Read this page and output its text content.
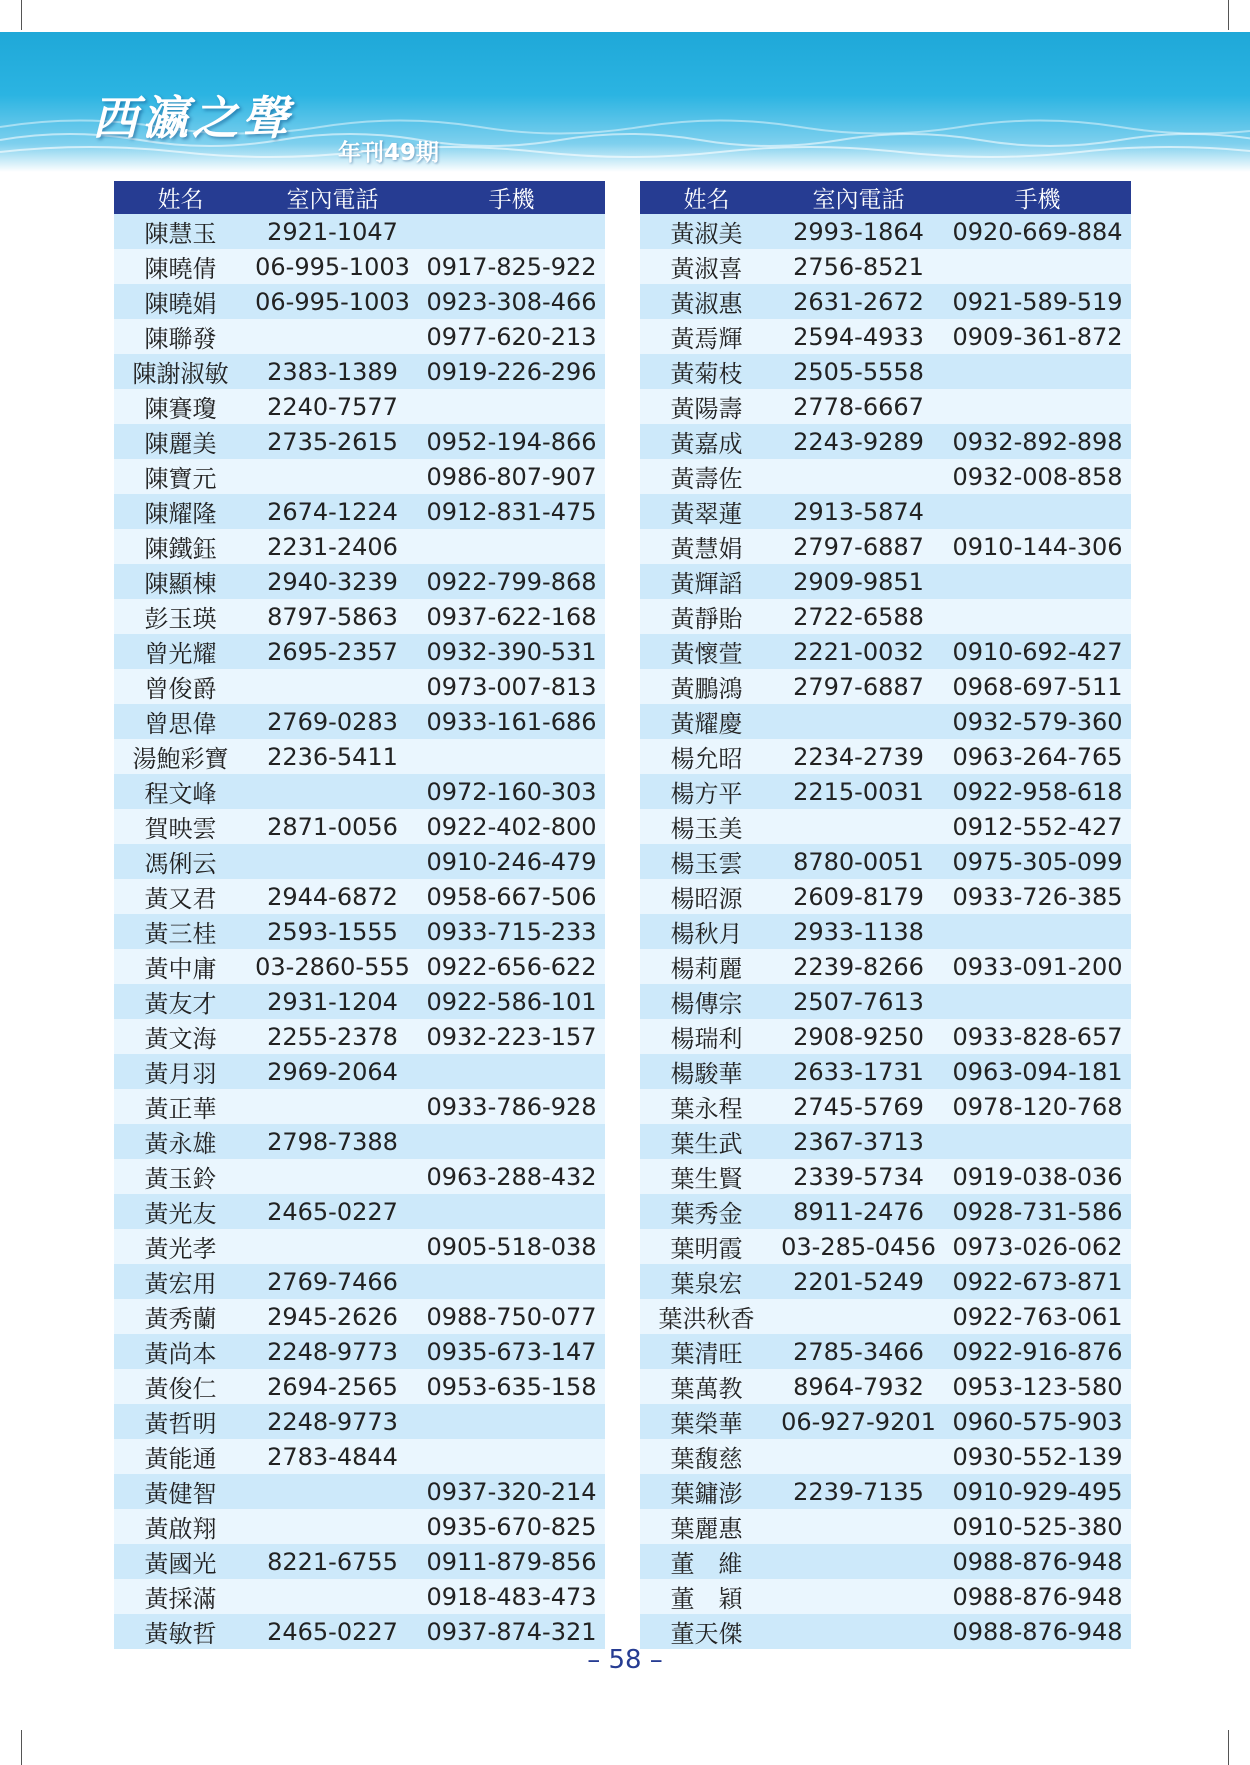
西瀛之聲
年刊49期
姓名	室內電話	手機
陳慧玉	2921-1047	
陳曉倩	06-995-1003	0917-825-922
陳曉娟	06-995-1003	0923-308-466
陳聯發		0977-620-213
陳謝淑敏	2383-1389	0919-226-296
陳賽瓊	2240-7577	
陳麗美	2735-2615	0952-194-866
陳寶元		0986-807-907
陳耀隆	2674-1224	0912-831-475
陳鐵鈺	2231-2406	
陳顯棟	2940-3239	0922-799-868
彭玉瑛	8797-5863	0937-622-168
曾光耀	2695-2357	0932-390-531
曾俊爵		0973-007-813
曾思偉	2769-0283	0933-161-686
湯鮑彩寶	2236-5411	
程文峰		0972-160-303
賀映雲	2871-0056	0922-402-800
馮俐云		0910-246-479
黃又君	2944-6872	0958-667-506
黃三桂	2593-1555	0933-715-233
黃中庸	03-2860-555	0922-656-622
黃友才	2931-1204	0922-586-101
黃文海	2255-2378	0932-223-157
黃月羽	2969-2064	
黃正華		0933-786-928
黃永雄	2798-7388	
黃玉鈴		0963-288-432
黃光友	2465-0227	
黃光孝		0905-518-038
黃宏用	2769-7466	
黃秀蘭	2945-2626	0988-750-077
黃尚本	2248-9773	0935-673-147
黃俊仁	2694-2565	0953-635-158
黃哲明	2248-9773	
黃能通	2783-4844	
黃健智		0937-320-214
黃啟翔		0935-670-825
黃國光	8221-6755	0911-879-856
黃採滿		0918-483-473
黃敏哲	2465-0227	0937-874-321
姓名	室內電話	手機
黃淑美	2993-1864	0920-669-884
黃淑喜	2756-8521	
黃淑惠	2631-2672	0921-589-519
黃焉輝	2594-4933	0909-361-872
黃菊枝	2505-5558	
黃陽壽	2778-6667	
黃嘉成	2243-9289	0932-892-898
黃壽佐		0932-008-858
黃翠蓮	2913-5874	
黃慧娟	2797-6887	0910-144-306
黃輝謟	2909-9851	
黃靜貽	2722-6588	
黃懷萱	2221-0032	0910-692-427
黃鵬鴻	2797-6887	0968-697-511
黃耀慶		0932-579-360
楊允昭	2234-2739	0963-264-765
楊方平	2215-0031	0922-958-618
楊玉美		0912-552-427
楊玉雲	8780-0051	0975-305-099
楊昭源	2609-8179	0933-726-385
楊秋月	2933-1138	
楊莉麗	2239-8266	0933-091-200
楊傳宗	2507-7613	
楊瑞利	2908-9250	0933-828-657
楊駿華	2633-1731	0963-094-181
葉永程	2745-5769	0978-120-768
葉生武	2367-3713	
葉生賢	2339-5734	0919-038-036
葉秀金	8911-2476	0928-731-586
葉明霞	03-285-0456	0973-026-062
葉泉宏	2201-5249	0922-673-871
葉洪秋香		0922-763-061
葉清旺	2785-3466	0922-916-876
葉萬教	8964-7932	0953-123-580
葉榮華	06-927-9201	0960-575-903
葉馥慈		0930-552-139
葉鏞澎	2239-7135	0910-929-495
葉麗惠		0910-525-380
董　維		0988-876-948
董　穎		0988-876-948
董天傑		0988-876-948
– 58 –
